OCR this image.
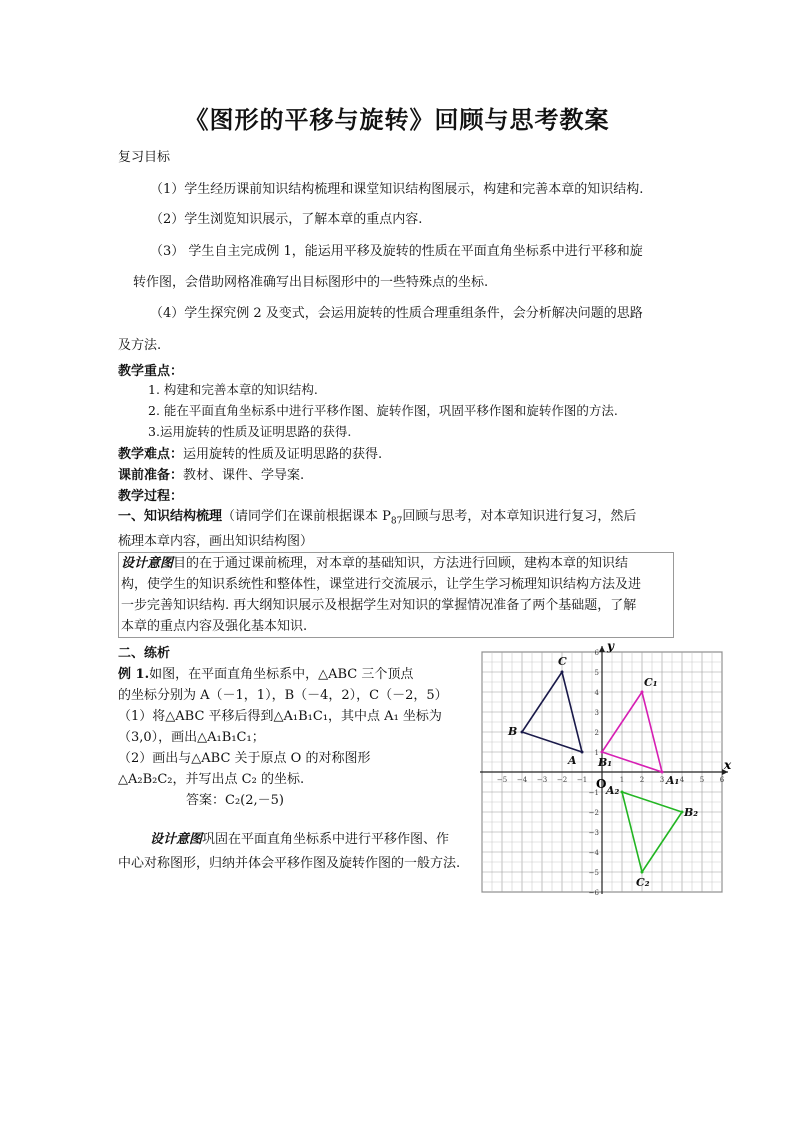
《图形的平移与旋转》回顾与思考教案
复习目标
（1）学生经历课前知识结构梳理和课堂知识结构图展示，构建和完善本章的知识结构.
（2）学生浏览知识展示，了解本章的重点内容.
（3） 学生自主完成例 1，能运用平移及旋转的性质在平面直角坐标系中进行平移和旋
转作图，会借助网格准确写出目标图形中的一些特殊点的坐标.
（4）学生探究例 2 及变式，会运用旋转的性质合理重组条件，会分析解决问题的思路
及方法.
教学重点：
1. 构建和完善本章的知识结构.
2. 能在平面直角坐标系中进行平移作图、旋转作图，巩固平移作图和旋转作图的方法.
3.运用旋转的性质及证明思路的获得.
教学难点：运用旋转的性质及证明思路的获得.
课前准备：教材、课件、学导案.
教学过程：
一、知识结构梳理（请同学们在课前根据课本 $P_{87}$回顾与思考，对本章知识进行复习，然后
梳理本章内容，画出知识结构图）
设计意图目的在于通过课前梳理，对本章的基础知识，方法进行回顾，建构本章的知识结
构，使学生的知识系统性和整体性，课堂进行交流展示，让学生学习梳理知识结构方法及进
一步完善知识结构. 再大纲知识展示及根据学生对知识的掌握情况准备了两个基础题，了解
本章的重点内容及强化基本知识.
二、练析
例 1.如图，在平面直角坐标系中，△ABC 三个顶点
的坐标分别为 A（－1，1），B（－4，2），C（－2，5）
（1）将△ABC 平移后得到△A₁B₁C₁，其中点 A₁ 坐标为
（3,0），画出△A₁B₁C₁；
（2）画出与△ABC 关于原点 O 的对称图形
△A₂B₂C₂，并写出点 C₂ 的坐标.
答案：C₂(2,－5)
设计意图巩固在平面直角坐标系中进行平移作图、作
中心对称图形，归纳并体会平移作图及旋转作图的一般方法.
x
y
O
−5 −4 −3 −2 −1	1 2 3 4 5 6
−6
−5
−4
−3
−2
−1
1
2
3
4
5
6
A
B
C
A₁
B₁
C₁
A₂
B₂
C₂
